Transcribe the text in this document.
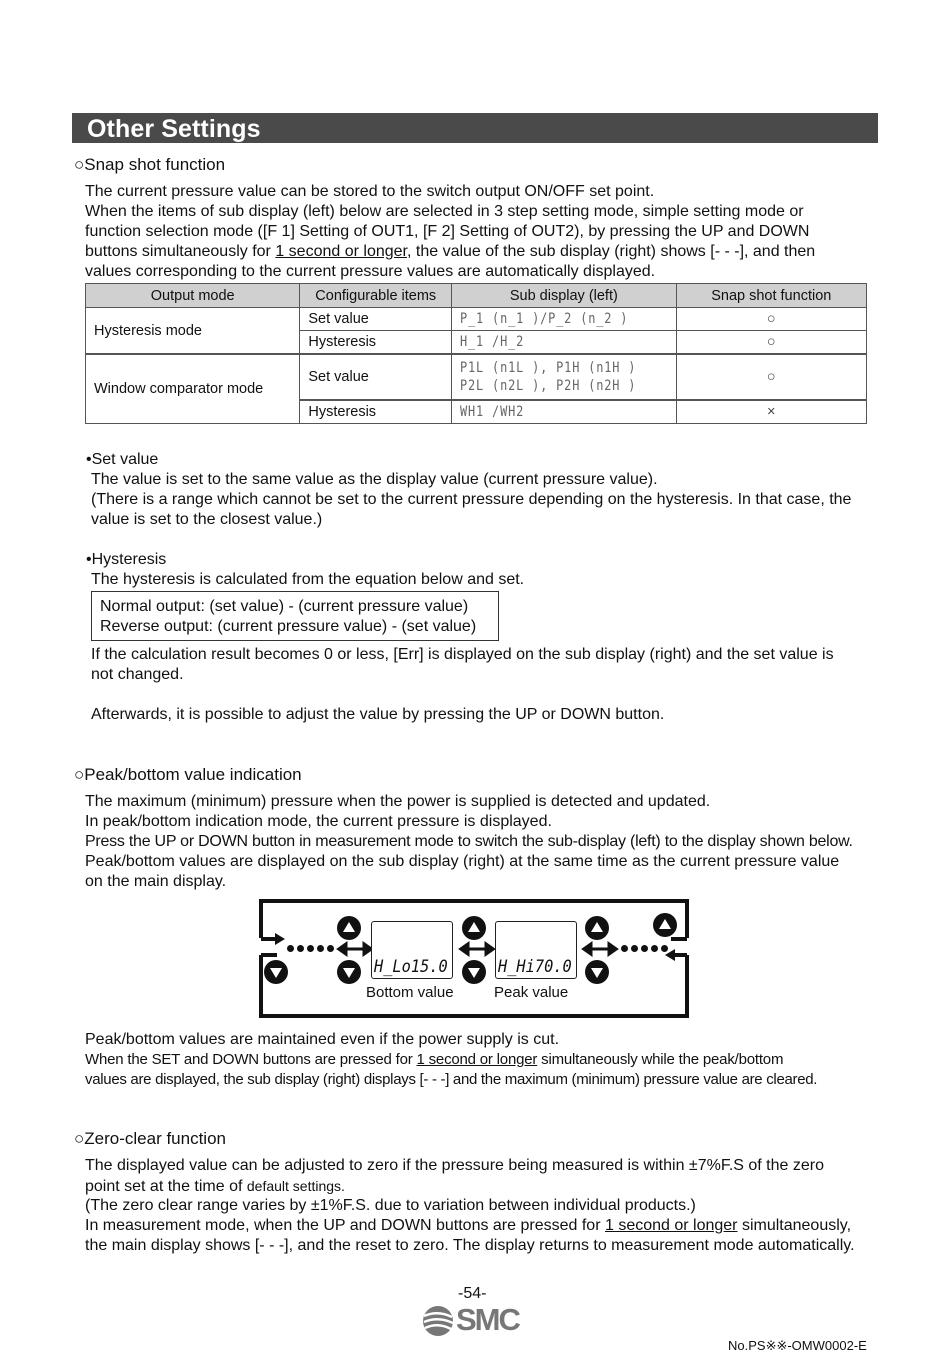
Other Settings
○Snap shot function
The current pressure value can be stored to the switch output ON/OFF set point.
When the items of sub display (left) below are selected in 3 step setting mode, simple setting mode or
function selection mode ([F 1] Setting of OUT1, [F 2] Setting of OUT2), by pressing the UP and DOWN
buttons simultaneously for 1 second or longer, the value of the sub display (right) shows [- - -], and then
values corresponding to the current pressure values are automatically displayed.
Output mode	Configurable items	Sub display (left)	Snap shot function
Hysteresis mode	Set value	P_1 (n_1 )/P_2 (n_2 )	○
	Hysteresis	H_1 /H_2	○
Window comparator mode	Set value	P1L (n1L ), P1H (n1H )
P2L (n2L ), P2H (n2H )	○
	Hysteresis	WH1 /WH2	×
•Set value
The value is set to the same value as the display value (current pressure value).
(There is a range which cannot be set to the current pressure depending on the hysteresis. In that case, the
value is set to the closest value.)
•Hysteresis
The hysteresis is calculated from the equation below and set.
Normal output: (set value) - (current pressure value)
Reverse output: (current pressure value) - (set value)
If the calculation result becomes 0 or less, [Err] is displayed on the sub display (right) and the set value is
not changed.
Afterwards, it is possible to adjust the value by pressing the UP or DOWN button.
○Peak/bottom value indication
The maximum (minimum) pressure when the power is supplied is detected and updated.
In peak/bottom indication mode, the current pressure is displayed.
Press the UP or DOWN button in measurement mode to switch the sub-display (left) to the display shown below.
Peak/bottom values are displayed on the sub display (right) at the same time as the current pressure value
on the main display.
H_Lo 15.0	H_Hi 70.0
Bottom value	Peak value
Peak/bottom values are maintained even if the power supply is cut.
When the SET and DOWN buttons are pressed for 1 second or longer simultaneously while the peak/bottom
values are displayed, the sub display (right) displays [- - -] and the maximum (minimum) pressure value are cleared.
○Zero-clear function
The displayed value can be adjusted to zero if the pressure being measured is within ±7%F.S of the zero
point set at the time of default settings.
(The zero clear range varies by ±1%F.S. due to variation between individual products.)
In measurement mode, when the UP and DOWN buttons are pressed for 1 second or longer simultaneously,
the main display shows [- - -], and the reset to zero. The display returns to measurement mode automatically.
-54-
SMC
No.PS※※-OMW0002-E
